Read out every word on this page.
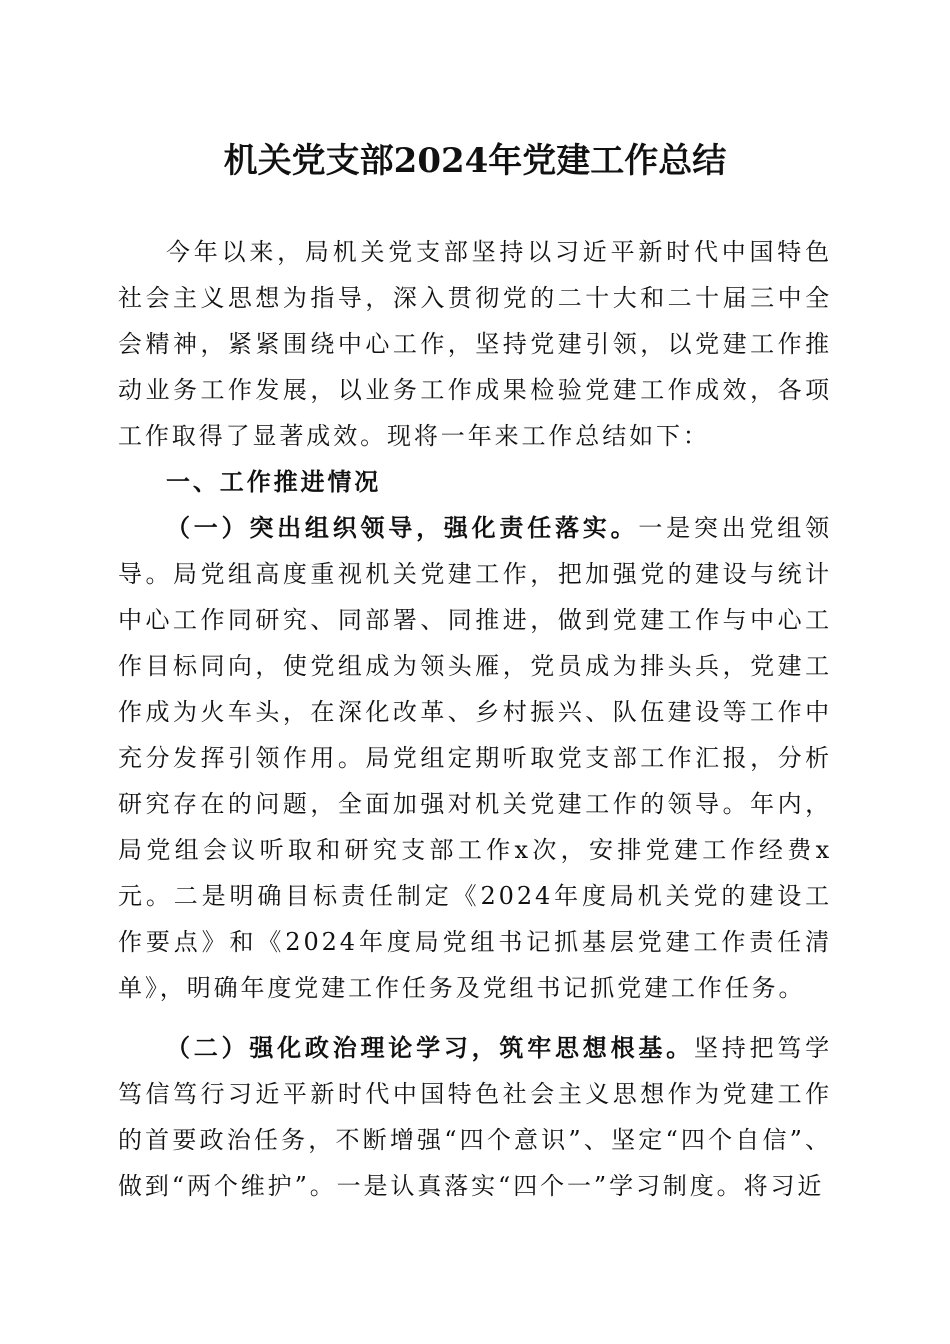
机关党支部2024年党建工作总结

今年以来，局机关党支部坚持以习近平新时代中国特色社会主义思想为指导，深入贯彻党的二十大和二十届三中全会精神，紧紧围绕中心工作，坚持党建引领，以党建工作推动业务工作发展，以业务工作成果检验党建工作成效，各项工作取得了显著成效。现将一年来工作总结如下：

一、工作推进情况

（一）突出组织领导，强化责任落实。一是突出党组领导。局党组高度重视机关党建工作，把加强党的建设与统计中心工作同研究、同部署、同推进，做到党建工作与中心工作目标同向，使党组成为领头雁，党员成为排头兵，党建工作成为火车头，在深化改革、乡村振兴、队伍建设等工作中充分发挥引领作用。局党组定期听取党支部工作汇报，分析研究存在的问题，全面加强对机关党建工作的领导。年内，局党组会议听取和研究支部工作x次，安排党建工作经费x元。二是明确目标责任制定《2024年度局机关党的建设工作要点》和《2024年度局党组书记抓基层党建工作责任清单》，明确年度党建工作任务及党组书记抓党建工作任务。

（二）强化政治理论学习，筑牢思想根基。坚持把笃学笃信笃行习近平新时代中国特色社会主义思想作为党建工作的首要政治任务，不断增强“四个意识”、坚定“四个自信”、做到“两个维护”。一是认真落实“四个一”学习制度。将习近
